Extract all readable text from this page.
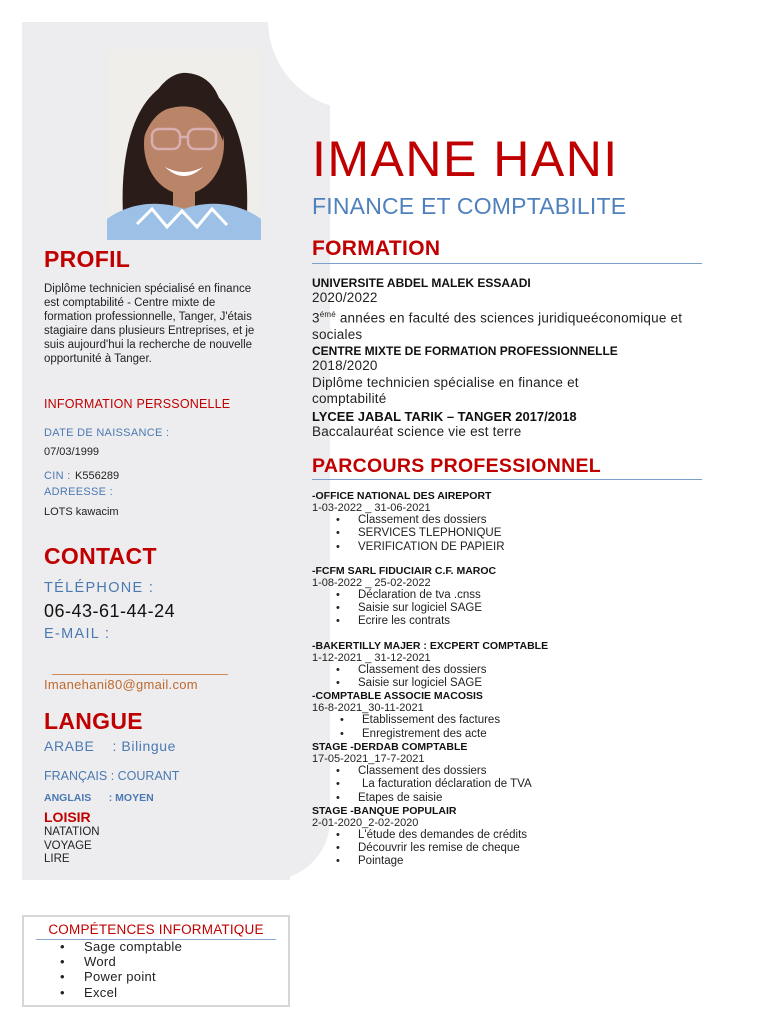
PROFIL
Diplôme technicien spécialisé en finance est comptabilité - Centre mixte de formation professionnelle, Tanger, J'étais stagiaire dans plusieurs Entreprises, et je suis aujourd'hui la recherche de nouvelle opportunité à Tanger.
INFORMATION PERSSONELLE
DATE DE NAISSANCE :
07/03/1999
CIN : K556289
ADREESSE :
LOTS kawacim
CONTACT
TÉLÉPHONE :
06-43-61-44-24
E-MAIL :
Imanehani80@gmail.com
LANGUE
ARABE : Bilingue
FRANÇAIS : COURANT
ANGLAIS : MOYEN
LOISIR
NATATION
VOYAGE
LIRE
IMANE HANI
FINANCE ET COMPTABILITE
FORMATION
UNIVERSITE ABDEL MALEK ESSAADI
2020/2022
$3^{émé}$ années en faculté des sciences juridiqueéconomique et sociales
CENTRE MIXTE DE FORMATION PROFESSIONNELLE
2018/2020
Diplôme technicien spécialise en finance et comptabilité
LYCEE JABAL TARIK – TANGER 2017/2018
Baccalauréat science vie est terre
PARCOURS PROFESSIONNEL
-OFFICE NATIONAL DES AIREPORT
1-03-2022 _ 31-06-2021
• Classement des dossiers
• SERVICES TLEPHONIQUE
• VERIFICATION DE PAPIEIR
-FCFM SARL FIDUCIAIR C.F. MAROC
1-08-2022 _ 25-02-2022
• Déclaration de tva .cnss
• Saisie sur logiciel SAGE
• Ecrire les contrats
-BAKERTILLY MAJER : EXCPERT COMPTABLE
1-12-2021 _ 31-12-2021
• Classement des dossiers
• Saisie sur logiciel SAGE
-COMPTABLE ASSOCIE MACOSIS
16-8-2021_30-11-2021
• Etablissement des factures
• Enregistrement des acte
STAGE -DERDAB COMPTABLE
17-05-2021_17-7-2021
• Classement des dossiers
• La facturation déclaration de TVA
• Etapes de saisie
STAGE -BANQUE POPULAIR
2-01-2020_2-02-2020
• L'étude des demandes de crédits
• Découvrir les remise de cheque
• Pointage
COMPÉTENCES INFORMATIQUE
• Sage comptable
• Word
• Power point
• Excel
